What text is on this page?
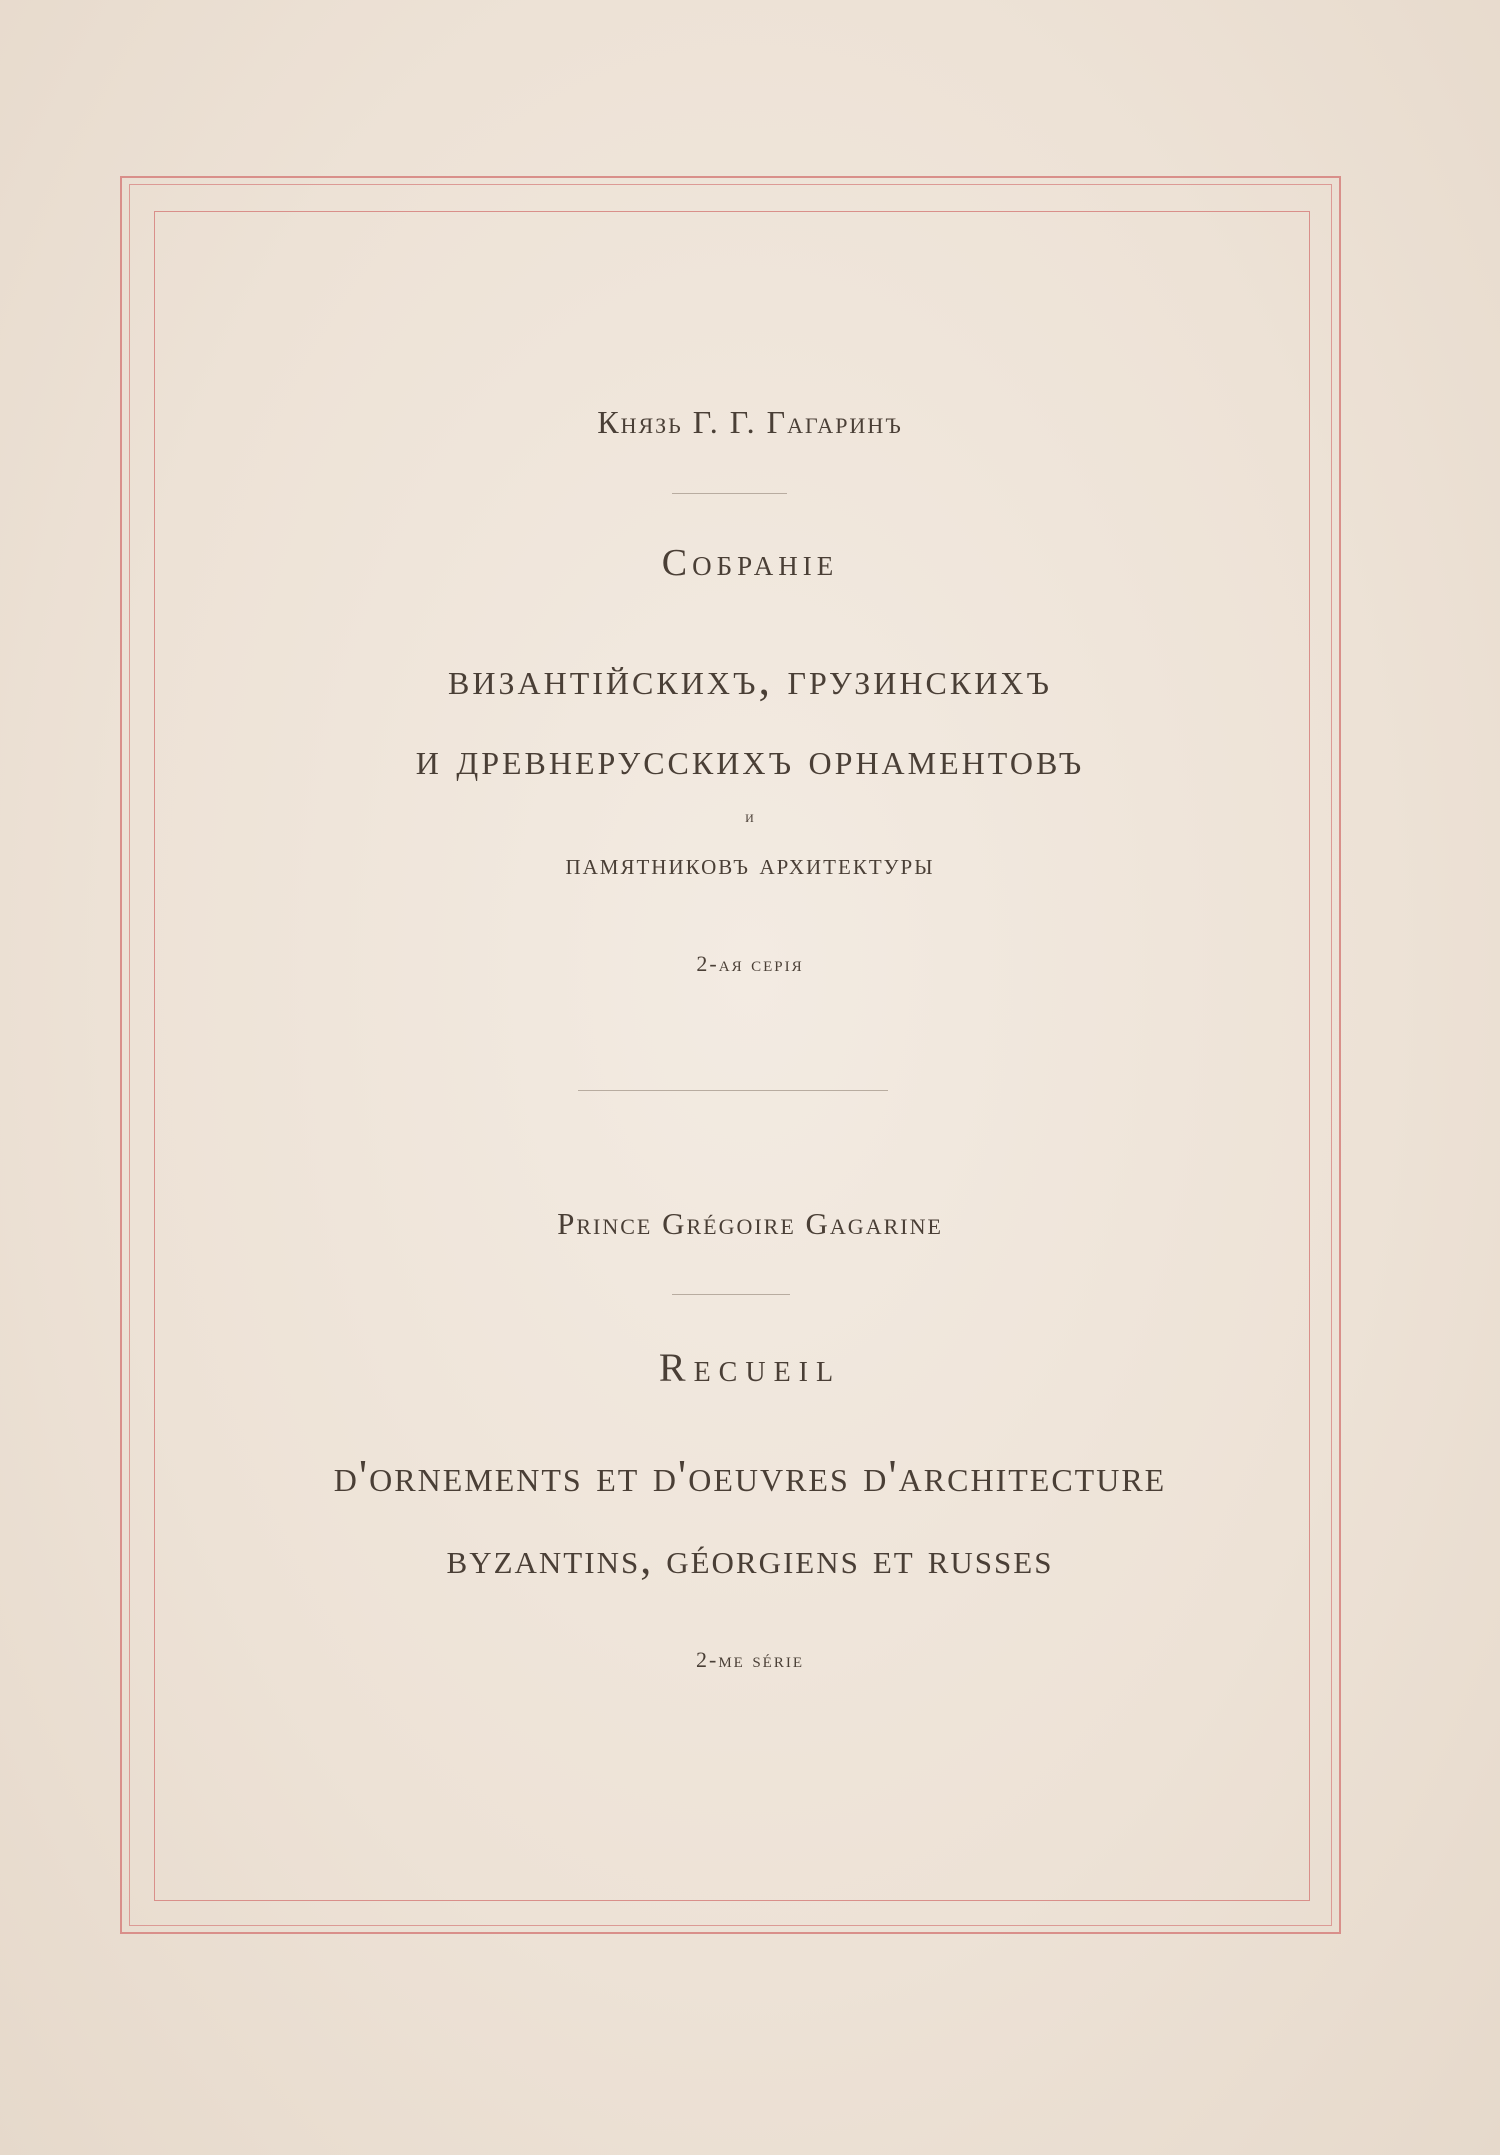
Князь Г. Г. Гагаринъ
Собранiе
византiйскихъ, грузинскихъ
и древнерусскихъ орнаментовъ
и
памятниковъ архитектуры
2-ая серiя
Prince Grégoire Gagarine
Recueil
d'ornements et d'oeuvres d'architecture
byzantins, géorgiens et russes
2-me série
